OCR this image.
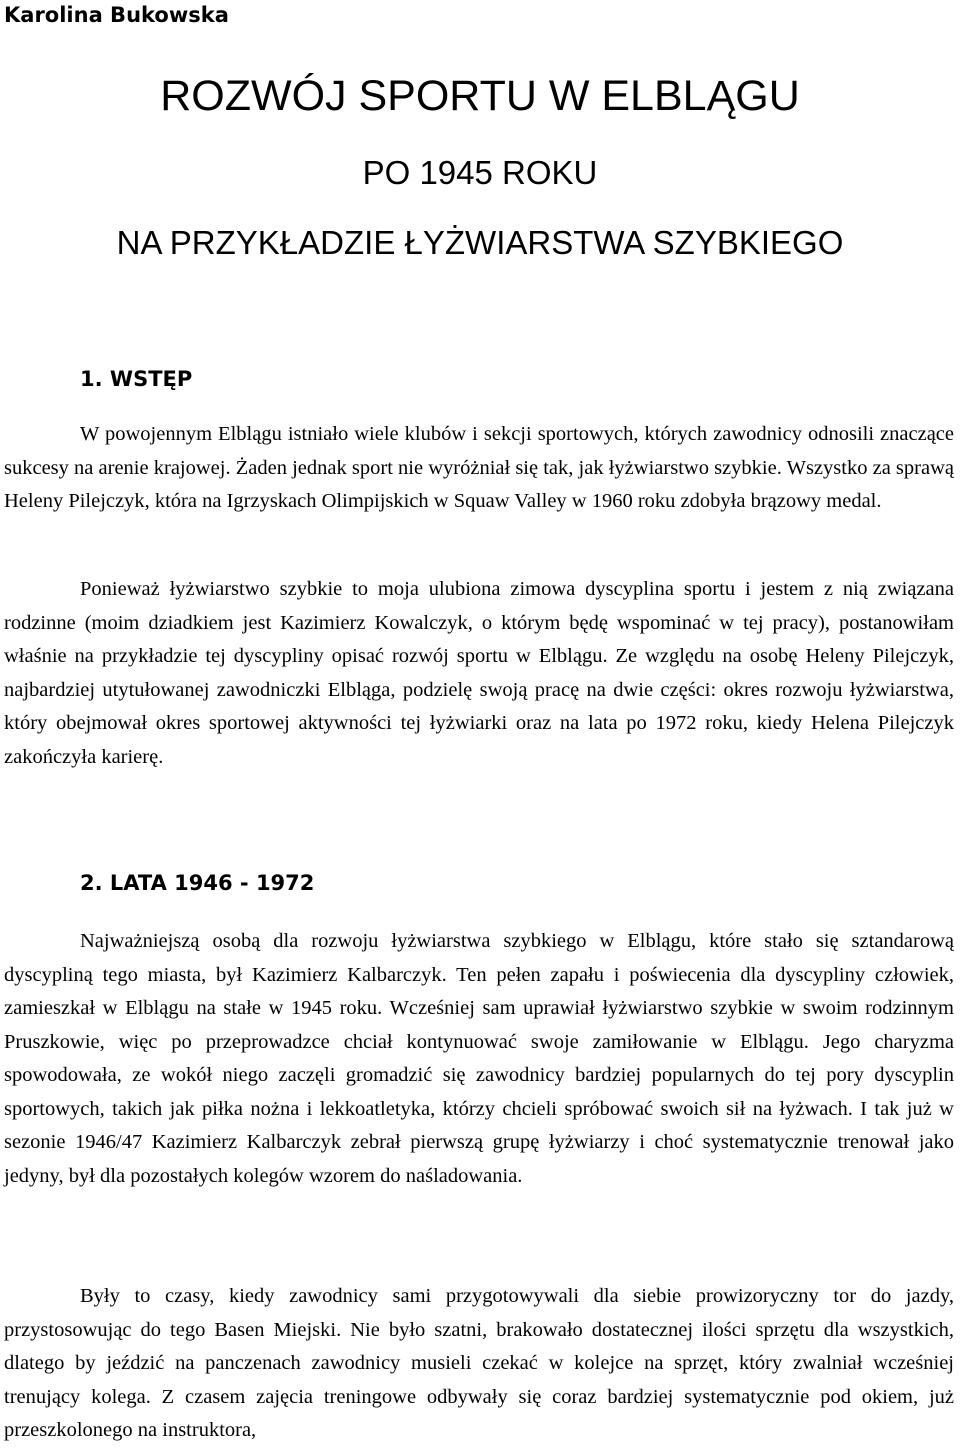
Karolina Bukowska
ROZWÓJ SPORTU W ELBLĄGU
PO 1945 ROKU
NA PRZYKŁADZIE ŁYŻWIARSTWA SZYBKIEGO
1. WSTĘP

W powojennym Elblągu istniało wiele klubów i sekcji sportowych, których zawodnicy odnosili znaczące sukcesy na arenie krajowej. Żaden jednak sport nie wyróżniał się tak, jak łyżwiarstwo szybkie. Wszystko za sprawą Heleny Pilejczyk, która na Igrzyskach Olimpijskich w Squaw Valley w 1960 roku zdobyła brązowy medal.

Ponieważ łyżwiarstwo szybkie to moja ulubiona zimowa dyscyplina sportu i jestem z nią związana rodzinne (moim dziadkiem jest Kazimierz Kowalczyk, o którym będę wspominać w tej pracy), postanowiłam właśnie na przykładzie tej dyscypliny opisać rozwój sportu w Elblągu. Ze względu na osobę Heleny Pilejczyk, najbardziej utytułowanej zawodniczki Elbląga, podzielę swoją pracę na dwie części: okres rozwoju łyżwiarstwa, który obejmował okres sportowej aktywności tej łyżwiarki oraz na lata po 1972 roku, kiedy Helena Pilejczyk zakończyła karierę.

2. LATA 1946 - 1972

Najważniejszą osobą dla rozwoju łyżwiarstwa szybkiego w Elblągu, które stało się sztandarową dyscypliną tego miasta, był Kazimierz Kalbarczyk. Ten pełen zapału i poświecenia dla dyscypliny człowiek, zamieszkał w Elblągu na stałe w 1945 roku. Wcześniej sam uprawiał łyżwiarstwo szybkie w swoim rodzinnym Pruszkowie, więc po przeprowadzce chciał kontynuować swoje zamiłowanie w Elblągu. Jego charyzma spowodowała, ze wokół niego zaczęli gromadzić się zawodnicy bardziej popularnych do tej pory dyscyplin sportowych, takich jak piłka nożna i lekkoatletyka, którzy chcieli spróbować swoich sił na łyżwach. I tak już w sezonie 1946/47 Kazimierz Kalbarczyk zebrał pierwszą grupę łyżwiarzy i choć systematycznie trenował jako jedyny, był dla pozostałych kolegów wzorem do naśladowania.

Były to czasy, kiedy zawodnicy sami przygotowywali dla siebie prowizoryczny tor do jazdy, przystosowując do tego Basen Miejski. Nie było szatni, brakowało dostatecznej ilości sprzętu dla wszystkich, dlatego by jeździć na panczenach zawodnicy musieli czekać w kolejce na sprzęt, który zwalniał wcześniej trenujący kolega. Z czasem zajęcia treningowe odbywały się coraz bardziej systematycznie pod okiem, już przeszkolonego na instruktora,
